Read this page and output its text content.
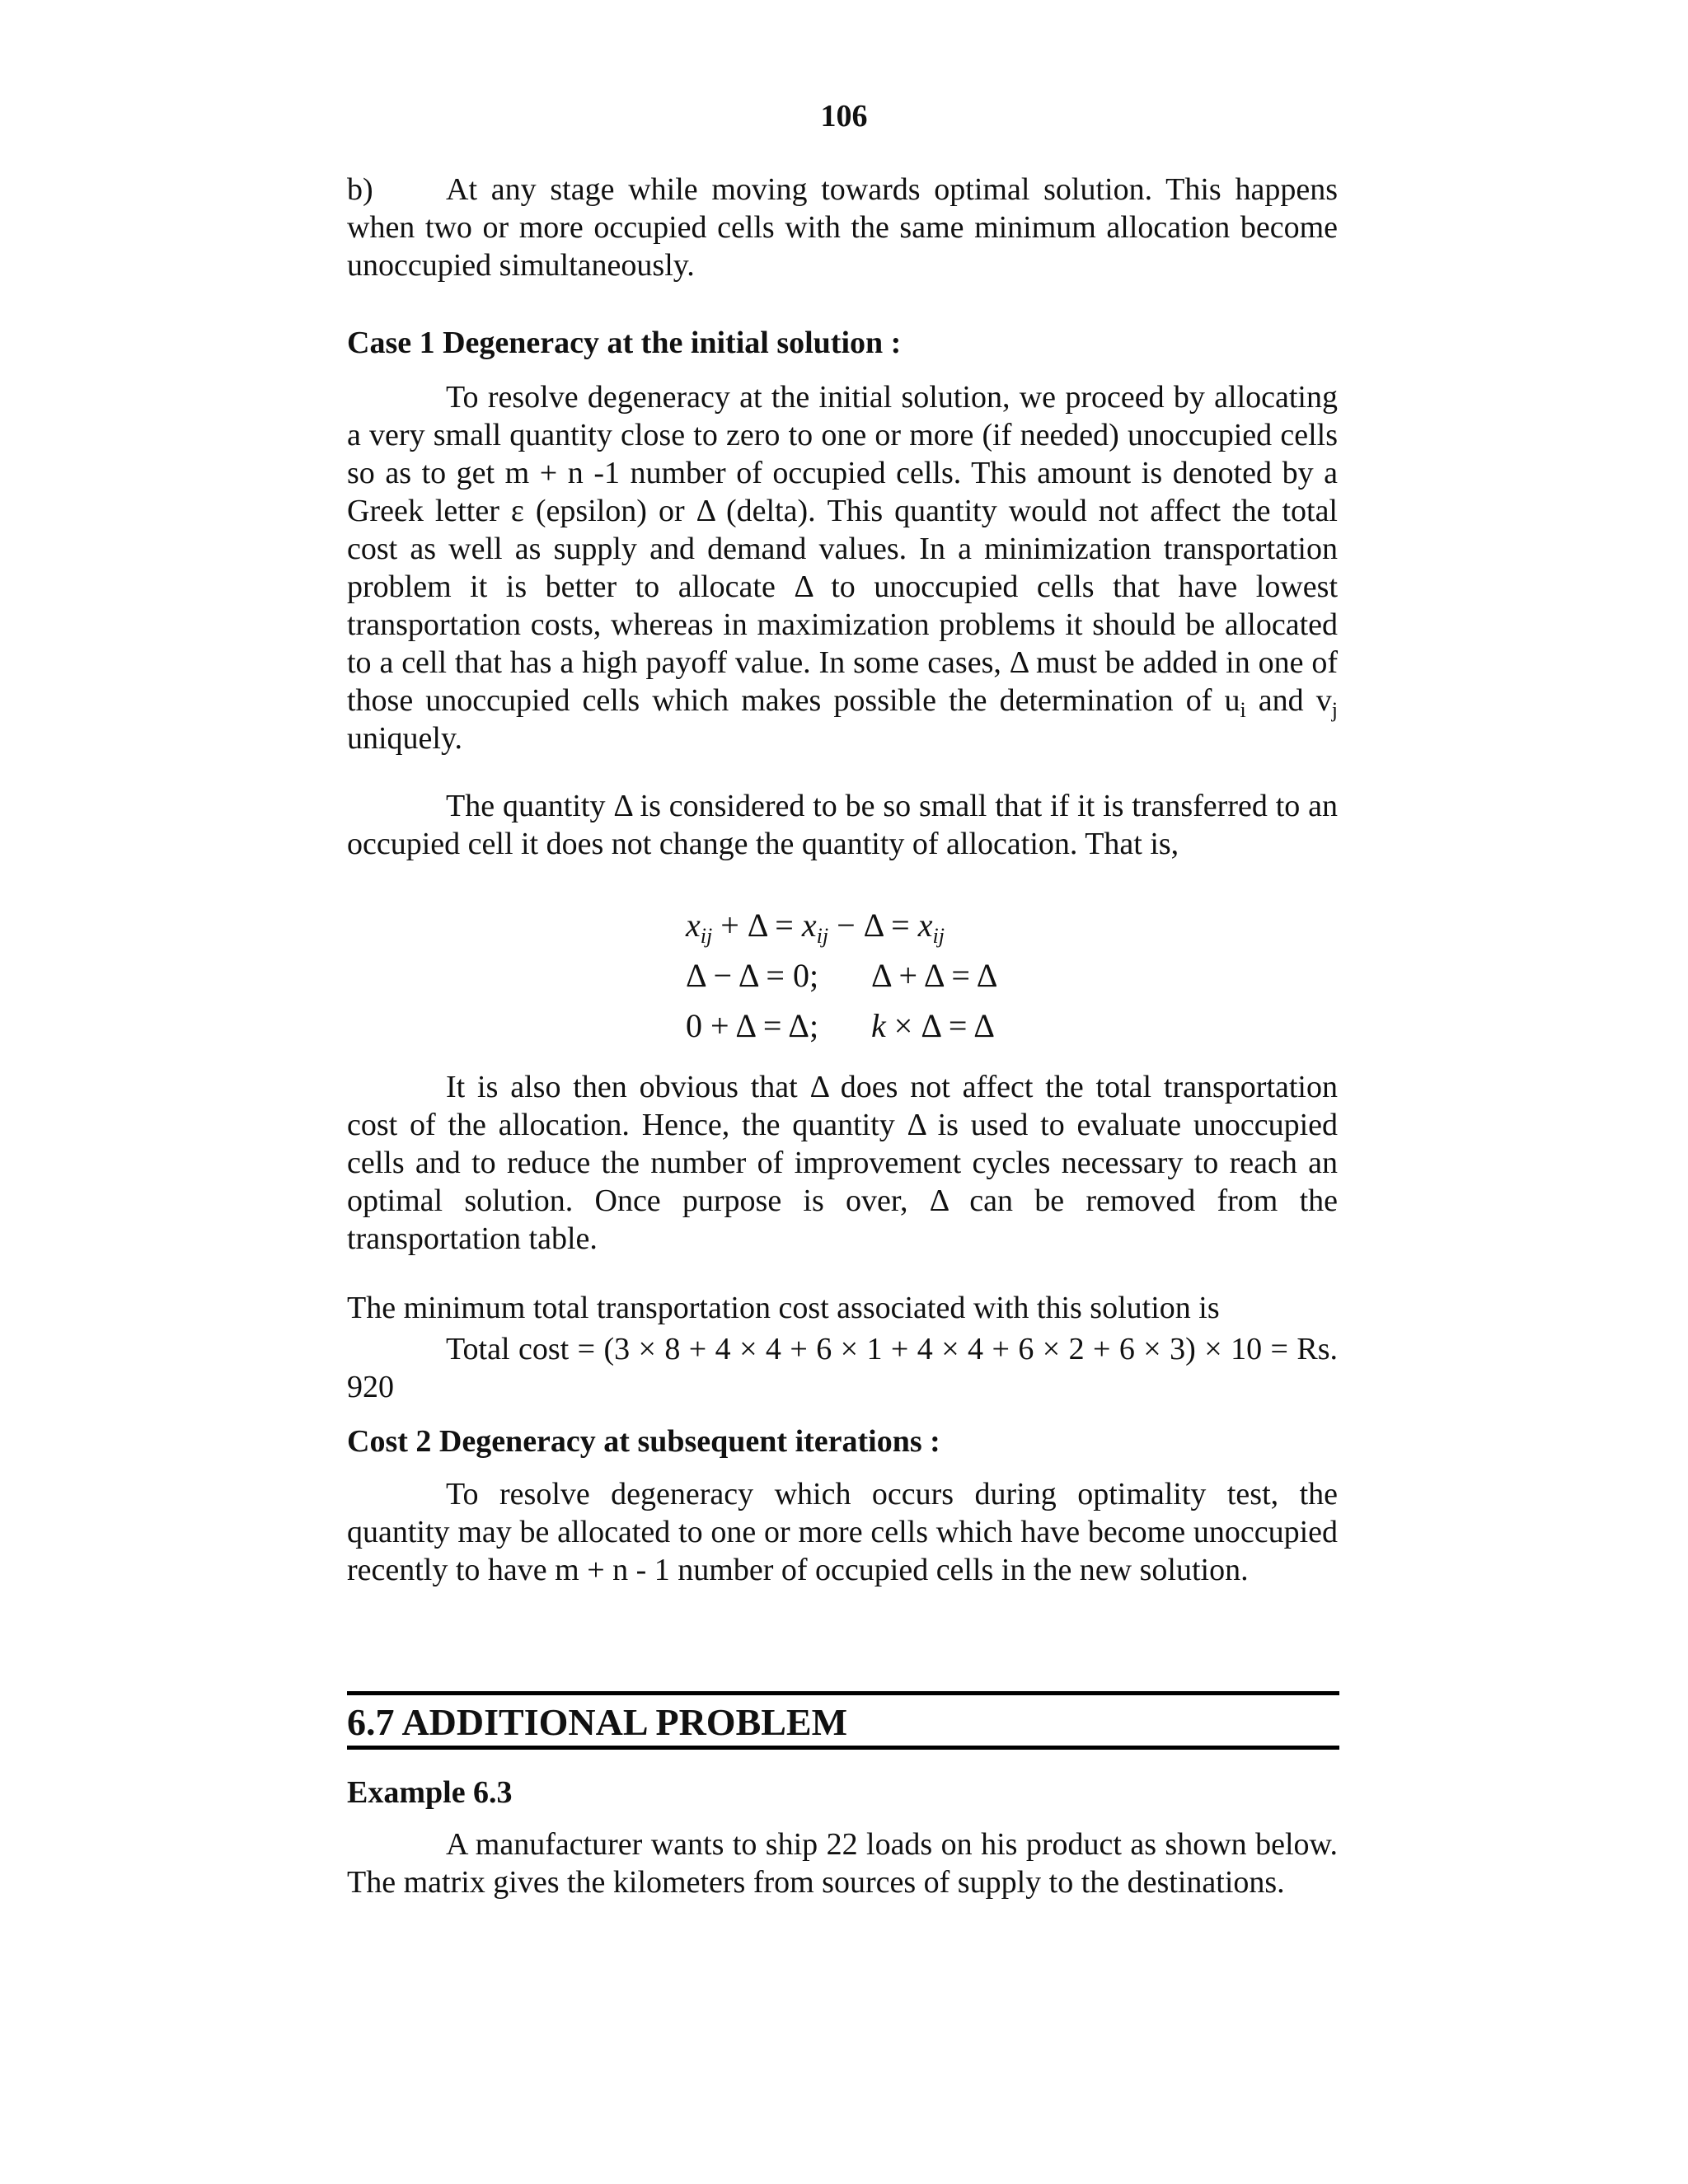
106

b) At any stage while moving towards optimal solution. This happens when two or more occupied cells with the same minimum allocation become unoccupied simultaneously.

Case 1 Degeneracy at the initial solution :

To resolve degeneracy at the initial solution, we proceed by allocating a very small quantity close to zero to one or more (if needed) unoccupied cells so as to get m + n -1 number of occupied cells. This amount is denoted by a Greek letter ε (epsilon) or Δ (delta). This quantity would not affect the total cost as well as supply and demand values. In a minimization transportation problem it is better to allocate Δ to unoccupied cells that have lowest transportation costs, whereas in maximization problems it should be allocated to a cell that has a high payoff value. In some cases, Δ must be added in one of those unoccupied cells which makes possible the determination of $u_i$ and $v_j$ uniquely.

The quantity Δ is considered to be so small that if it is transferred to an occupied cell it does not change the quantity of allocation. That is,

It is also then obvious that Δ does not affect the total transportation cost of the allocation. Hence, the quantity Δ is used to evaluate unoccupied cells and to reduce the number of improvement cycles necessary to reach an optimal solution. Once purpose is over, Δ can be removed from the transportation table.

The minimum total transportation cost associated with this solution is

Total cost = (3 × 8 + 4 × 4 + 6 × 1 + 4 × 4 + 6 × 2 + 6 × 3) × 10 = Rs. 920

Cost 2 Degeneracy at subsequent iterations :

To resolve degeneracy which occurs during optimality test, the quantity may be allocated to one or more cells which have become unoccupied recently to have m + n - 1 number of occupied cells in the new solution.

Example 6.3

A manufacturer wants to ship 22 loads on his product as shown below. The matrix gives the kilometers from sources of supply to the destinations.

$x_{ij} + \Delta = x_{ij} - \Delta = x_{ij}$
Δ − Δ = 0; Δ + Δ = Δ
0 + Δ = Δ; k × Δ = Δ
6.7 ADDITIONAL PROBLEM
